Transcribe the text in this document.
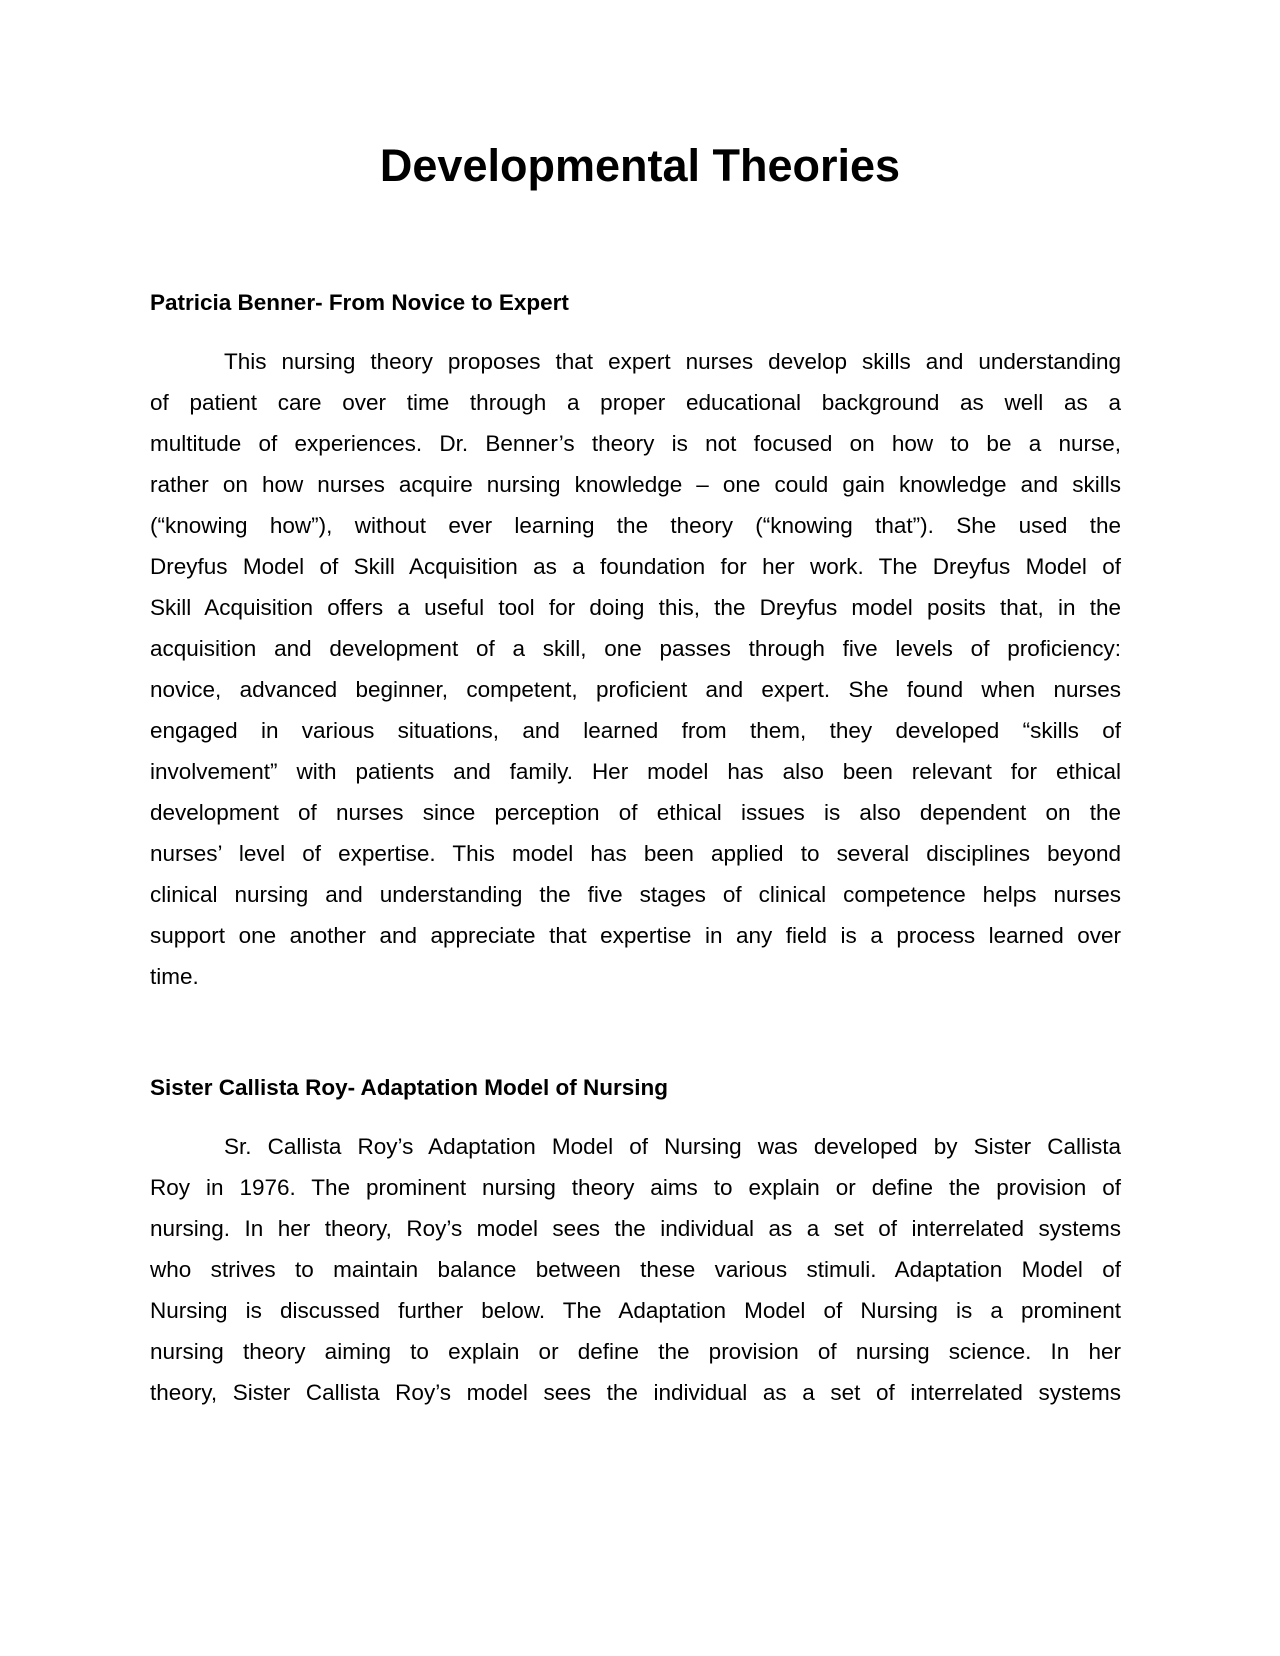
Developmental Theories
Patricia Benner- From Novice to Expert
This nursing theory proposes that expert nurses develop skills and understanding
of patient care over time through a proper educational background as well as a
multitude of experiences. Dr. Benner’s theory is not focused on how to be a nurse,
rather on how nurses acquire nursing knowledge – one could gain knowledge and skills
(“knowing how”), without ever learning the theory (“knowing that”). She used the
Dreyfus Model of Skill Acquisition as a foundation for her work. The Dreyfus Model of
Skill Acquisition offers a useful tool for doing this, the Dreyfus model posits that, in the
acquisition and development of a skill, one passes through five levels of proficiency:
novice, advanced beginner, competent, proficient and expert. She found when nurses
engaged in various situations, and learned from them, they developed “skills of
involvement” with patients and family. Her model has also been relevant for ethical
development of nurses since perception of ethical issues is also dependent on the
nurses’ level of expertise. This model has been applied to several disciplines beyond
clinical nursing and understanding the five stages of clinical competence helps nurses
support one another and appreciate that expertise in any field is a process learned over
time.
Sister Callista Roy- Adaptation Model of Nursing
Sr. Callista Roy’s Adaptation Model of Nursing was developed by Sister Callista
Roy in 1976. The prominent nursing theory aims to explain or define the provision of
nursing. In her theory, Roy’s model sees the individual as a set of interrelated systems
who strives to maintain balance between these various stimuli. Adaptation Model of
Nursing is discussed further below. The Adaptation Model of Nursing is a prominent
nursing theory aiming to explain or define the provision of nursing science. In her
theory, Sister Callista Roy’s model sees the individual as a set of interrelated systems
